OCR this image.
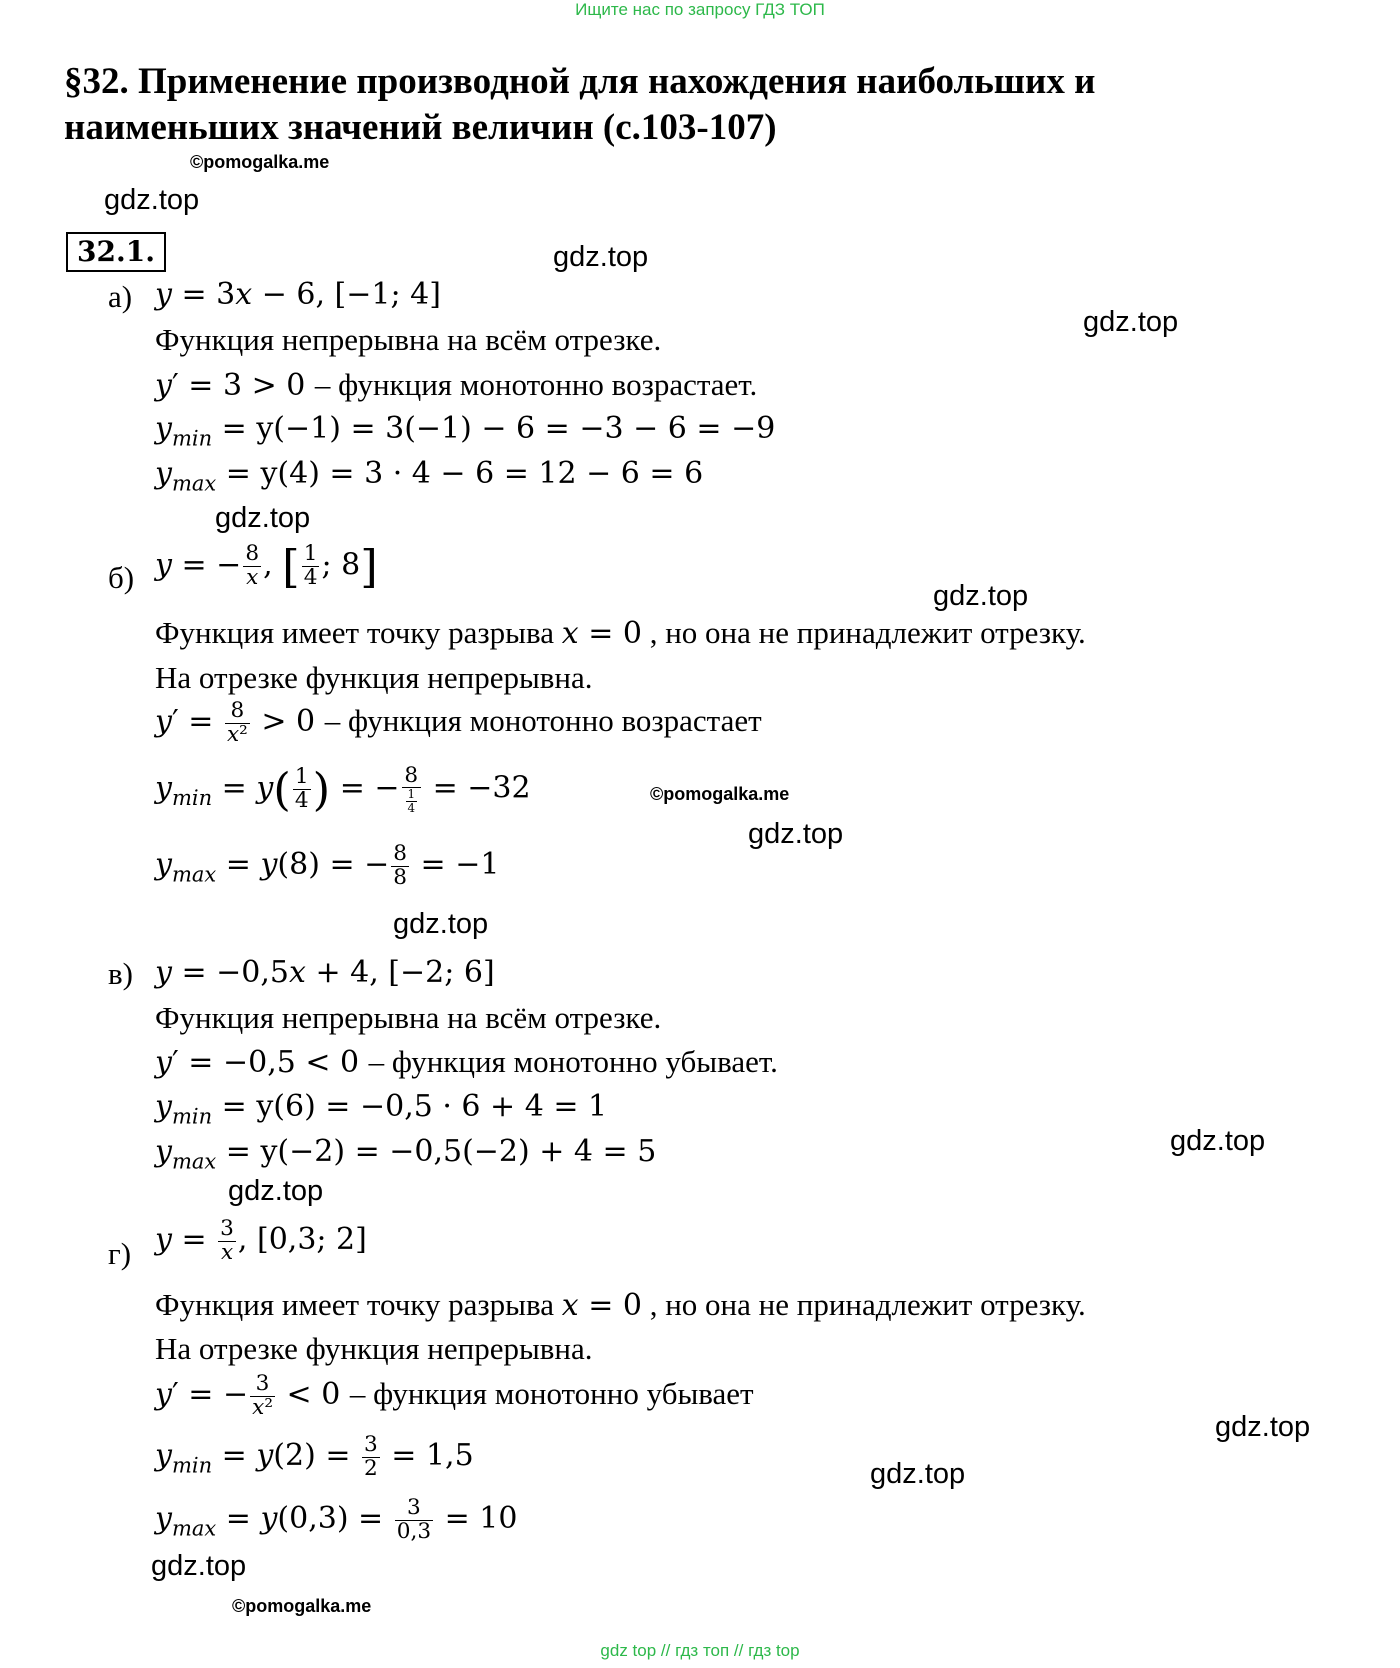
Ищите нас по запросу ГДЗ ТОП
§32. Применение производной для нахождения наибольших и
наименьших значений величин (с.103-107)
©pomogalka.me
gdz.top
32.1.	gdz.top
а) y = 3x − 6, [−1; 4]
gdz.top
Функция непрерывна на всём отрезке.
y′ = 3 > 0 – функция монотонно возрастает.
$y_{min} = y(-1) = 3(-1) - 6 = -3 - 6 = -9$
$y_{max} = y(4) = 3 \cdot 4 - 6 = 12 - 6 = 6$
gdz.top
б) y = − $\frac{8}{x}$ , [ $\frac{1}{4}$ ; 8]
gdz.top
Функция имеет точку разрыва x = 0 , но она не принадлежит отрезку.
На отрезке функция непрерывна.
$y' = \frac{8}{\text{x²}} > 0$ – функция монотонно возрастает
$y_{min} = y( \frac{1}{4}$ ) = − $\frac{8}{\frac{1}{4}} = -32$	©pomogalka.me
gdz.top
$y_{max} = y(8)$ = − $\frac{8}{8} = -1$
gdz.top
в) y = −0,5x + 4, [−2; 6]
Функция непрерывна на всём отрезке.
y′ = −0,5 < 0 – функция монотонно убывает.
$y_{min} = y(6) = -0,5 \cdot 6 + 4 = 1$
gdz.top
$y_{max} = y(-2) = -0,5(-2) + 4 = 5$
gdz.top
г) $y = \frac{3}{x}$ , [0,3; 2]
Функция имеет точку разрыва x = 0 , но она не принадлежит отрезку.
На отрезке функция непрерывна.
y′ = − $\frac{3}{\text{x²}} < 0$ – функция монотонно убывает
gdz.top
$y_{min} = y(2) = \frac{3}{2} = 1,5$
gdz.top
$y_{max} = y(0,3) = \frac{3}{0,3} = 10$
gdz.top
©pomogalka.me
gdz top // гдз топ // гдз top
